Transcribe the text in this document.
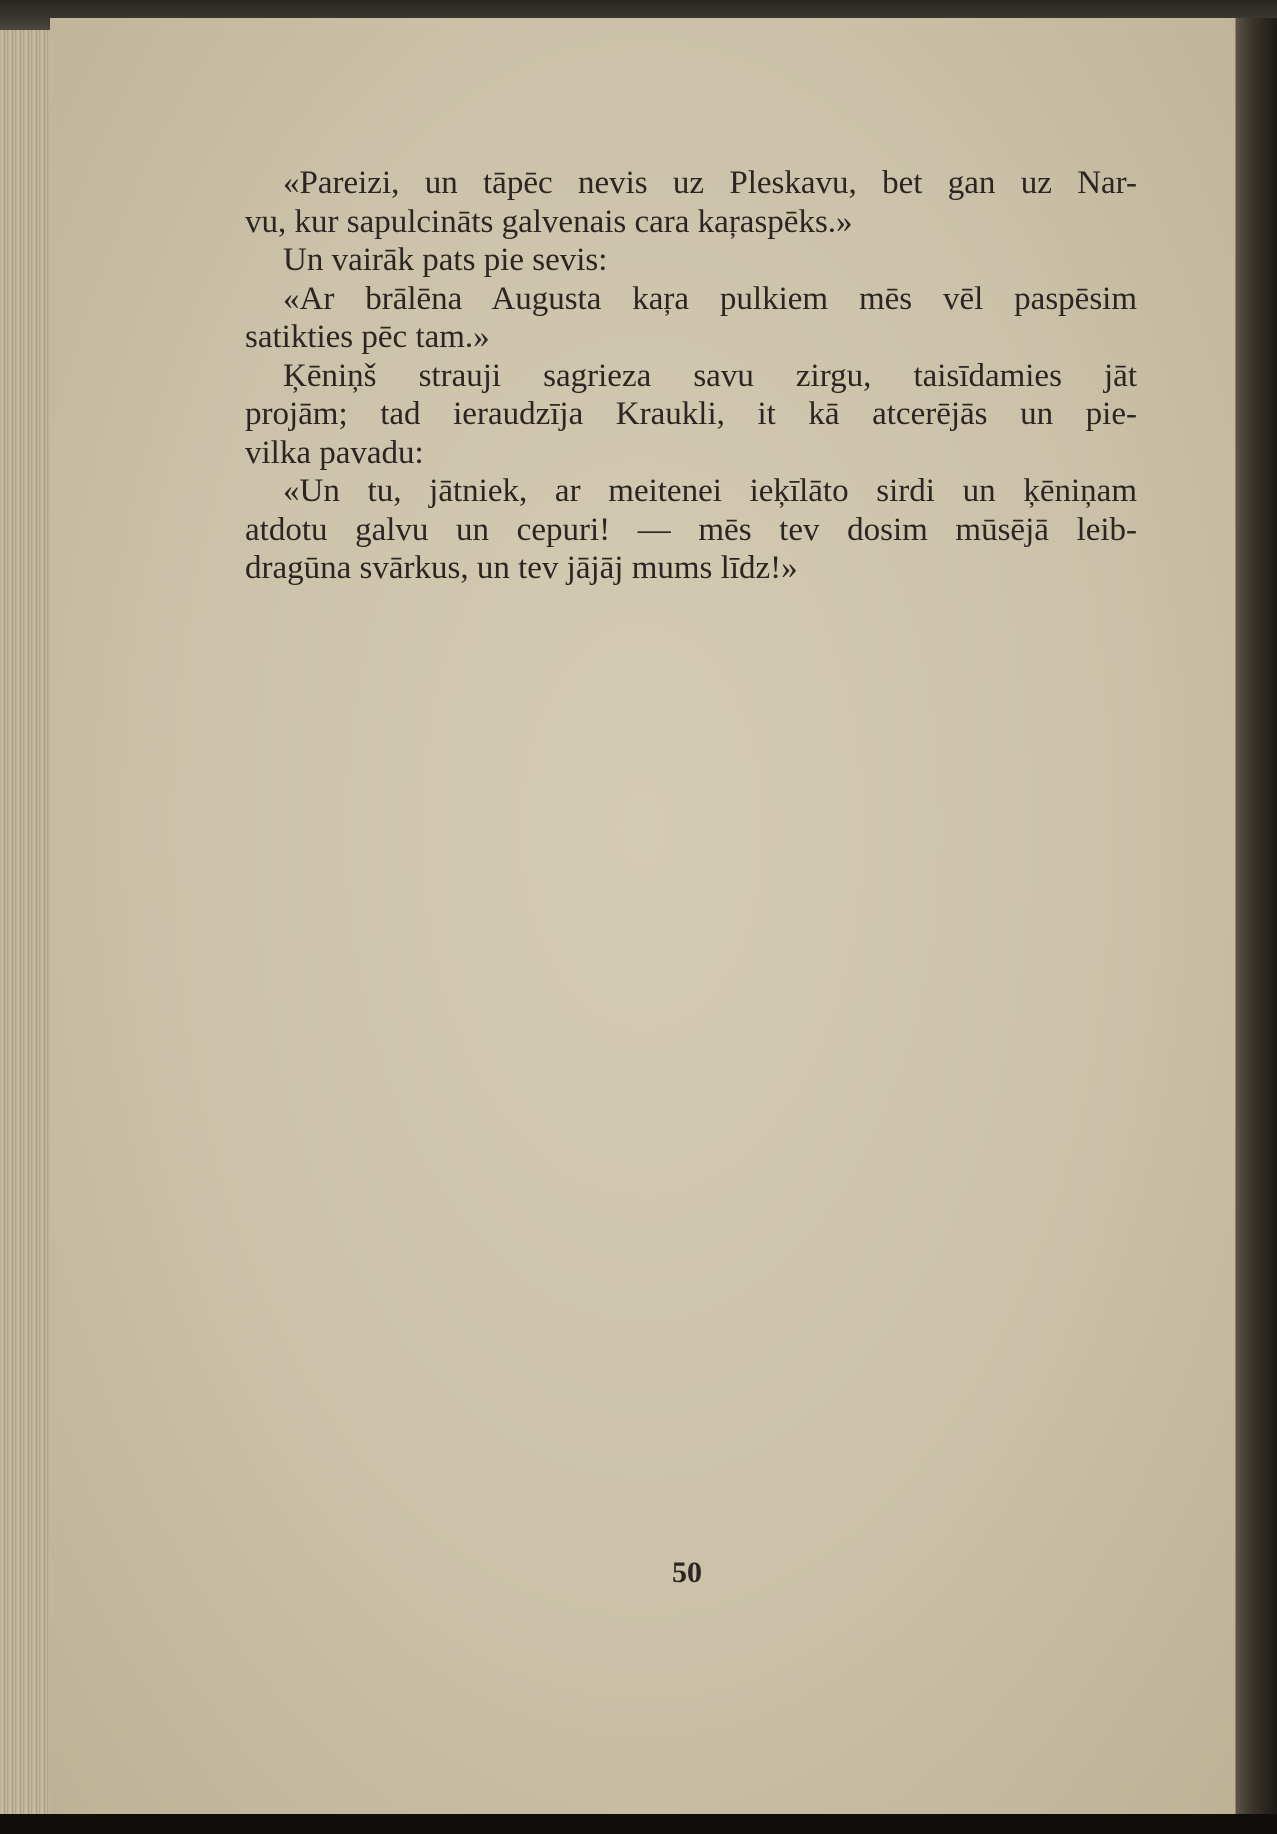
«Pareizi, un tāpēc nevis uz Pleskavu, bet gan uz Nar-
vu, kur sapulcināts galvenais cara kaŗaspēks.»
Un vairāk pats pie sevis:
«Ar brālēna Augusta kaŗa pulkiem mēs vēl paspēsim
satikties pēc tam.»
Ķēniņš strauji sagrieza savu zirgu, taisīdamies jāt
projām; tad ieraudzīja Kraukli, it kā atcerējās un pie-
vilka pavadu:
«Un tu, jātniek, ar meitenei ieķīlāto sirdi un ķēniņam
atdotu galvu un cepuri! — mēs tev dosim mūsējā leib-
dragūna svārkus, un tev jājāj mums līdz!»
50
